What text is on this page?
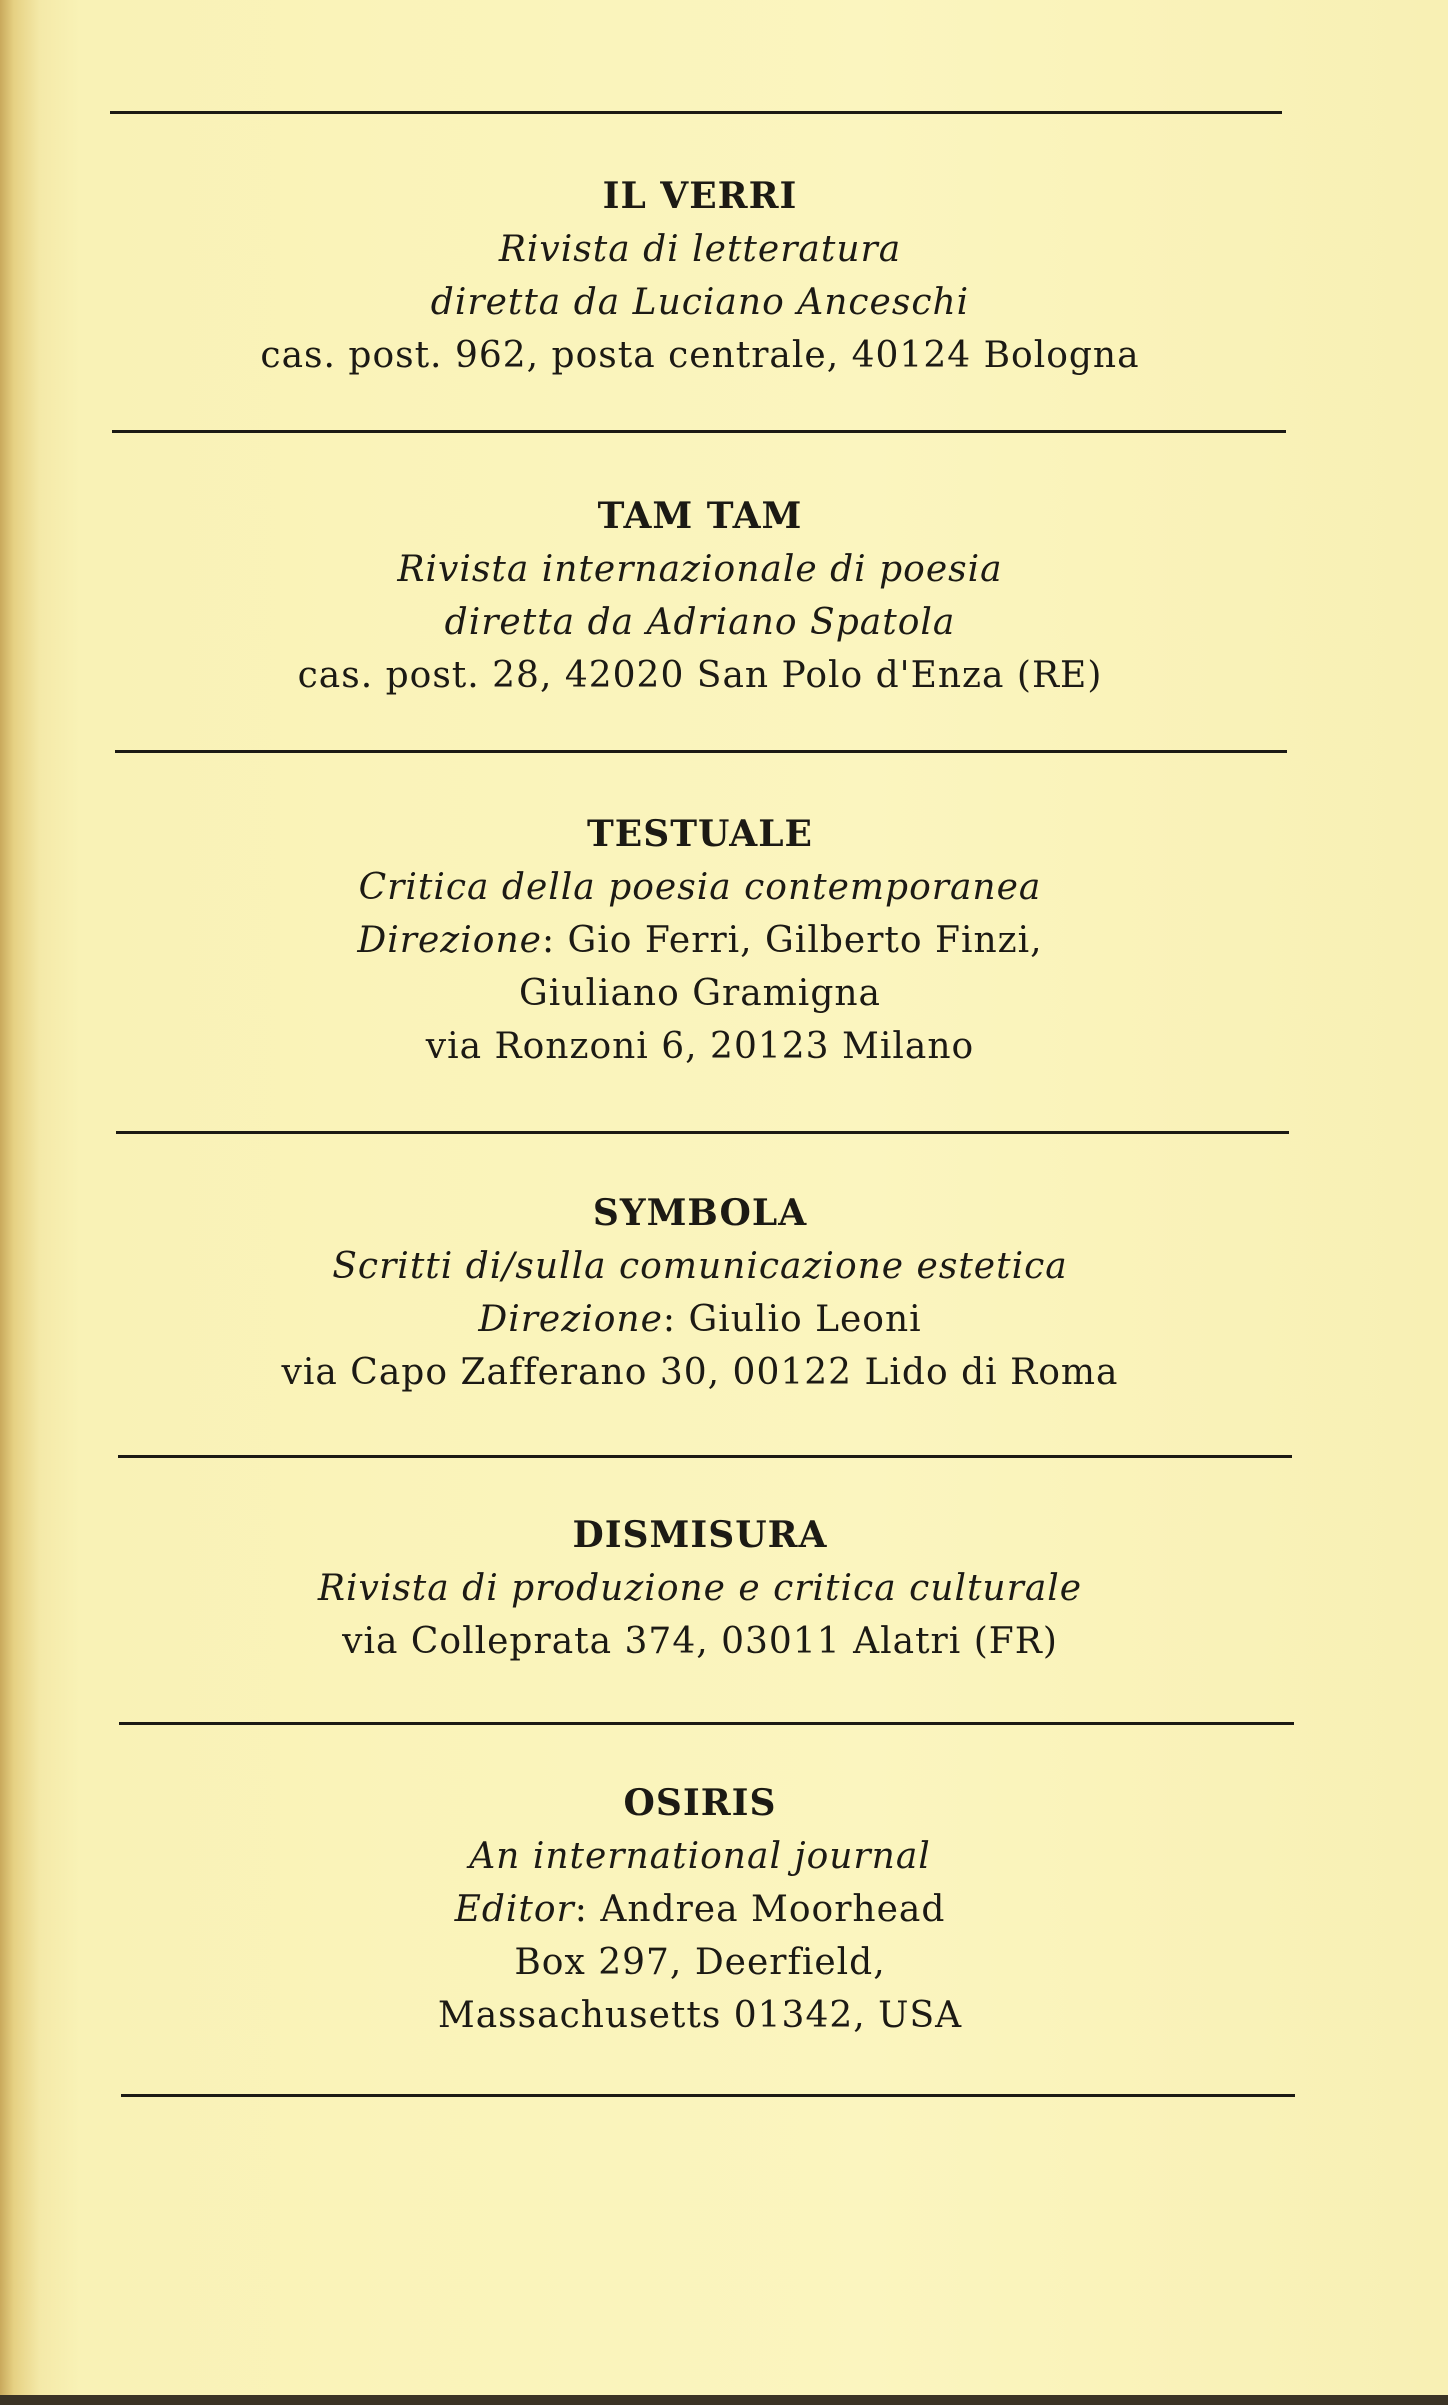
IL VERRI
Rivista di letteratura
diretta da Luciano Anceschi
cas. post. 962, posta centrale, 40124 Bologna
TAM TAM
Rivista internazionale di poesia
diretta da Adriano Spatola
cas. post. 28, 42020 San Polo d'Enza (RE)
TESTUALE
Critica della poesia contemporanea
Direzione: Gio Ferri, Gilberto Finzi,
Giuliano Gramigna
via Ronzoni 6, 20123 Milano
SYMBOLA
Scritti di/sulla comunicazione estetica
Direzione: Giulio Leoni
via Capo Zafferano 30, 00122 Lido di Roma
DISMISURA
Rivista di produzione e critica culturale
via Colleprata 374, 03011 Alatri (FR)
OSIRIS
An international journal
Editor: Andrea Moorhead
Box 297, Deerfield,
Massachusetts 01342, USA
